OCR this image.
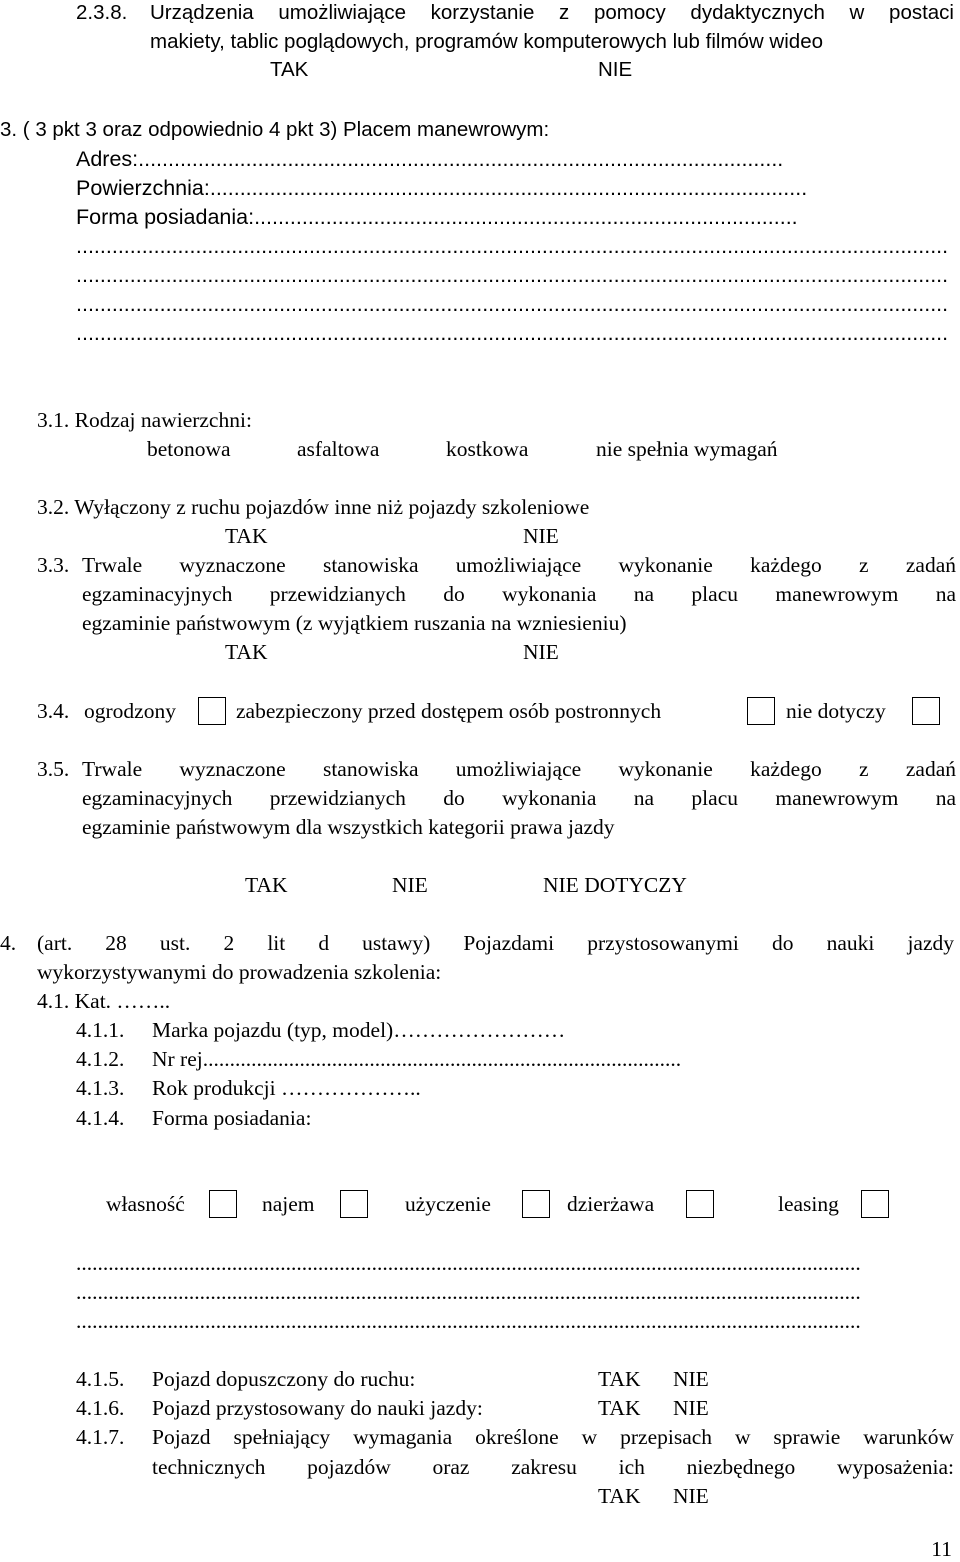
2.3.8. Urządzenia umożliwiające korzystanie z pomocy dydaktycznych w postaci
makiety, tablic poglądowych, programów komputerowych lub filmów wideo
TAK	NIE
3. ( 3 pkt 3 oraz odpowiednio 4 pkt 3) Placem manewrowym:
Adres:............................................................................................................
Powierzchnia:....................................................................................................
Forma posiadania:...........................................................................................
..................................................................................................................................................
..................................................................................................................................................
..................................................................................................................................................
..................................................................................................................................................
3.1. Rodzaj nawierzchni:
betonowa	asfaltowa	kostkowa	nie spełnia wymagań
3.2. Wyłączony z ruchu pojazdów inne niż pojazdy szkoleniowe
TAK	NIE
3.3. Trwale wyznaczone stanowiska umożliwiające wykonanie każdego z zadań
egzaminacyjnych przewidzianych do wykonania na placu manewrowym na
egzaminie państwowym (z wyjątkiem ruszania na wzniesieniu)
TAK	NIE
3.4. ogrodzony	zabezpieczony przed dostępem osób postronnych	nie dotyczy
3.5. Trwale wyznaczone stanowiska umożliwiające wykonanie każdego z zadań
egzaminacyjnych przewidzianych do wykonania na placu manewrowym na
egzaminie państwowym dla wszystkich kategorii prawa jazdy
TAK	NIE	NIE DOTYCZY
4. (art. 28 ust. 2 lit d ustawy) Pojazdami przystosowanymi do nauki jazdy
wykorzystywanymi do prowadzenia szkolenia:
4.1. Kat. ……..
4.1.1. Marka pojazdu (typ, model)……………………
4.1.2. Nr rej.........................................................................................
4.1.3. Rok produkcji ………………..
4.1.4. Forma posiadania:
własność	najem	użyczenie	dzierżawa	leasing
..................................................................................................................................................
..................................................................................................................................................
..................................................................................................................................................
4.1.5. Pojazd dopuszczony do ruchu:	TAK NIE
4.1.6. Pojazd przystosowany do nauki jazdy:	TAK NIE
4.1.7. Pojazd spełniający wymagania określone w przepisach w sprawie warunków
technicznych pojazdów oraz zakresu ich niezbędnego wyposażenia:
TAK NIE
11
